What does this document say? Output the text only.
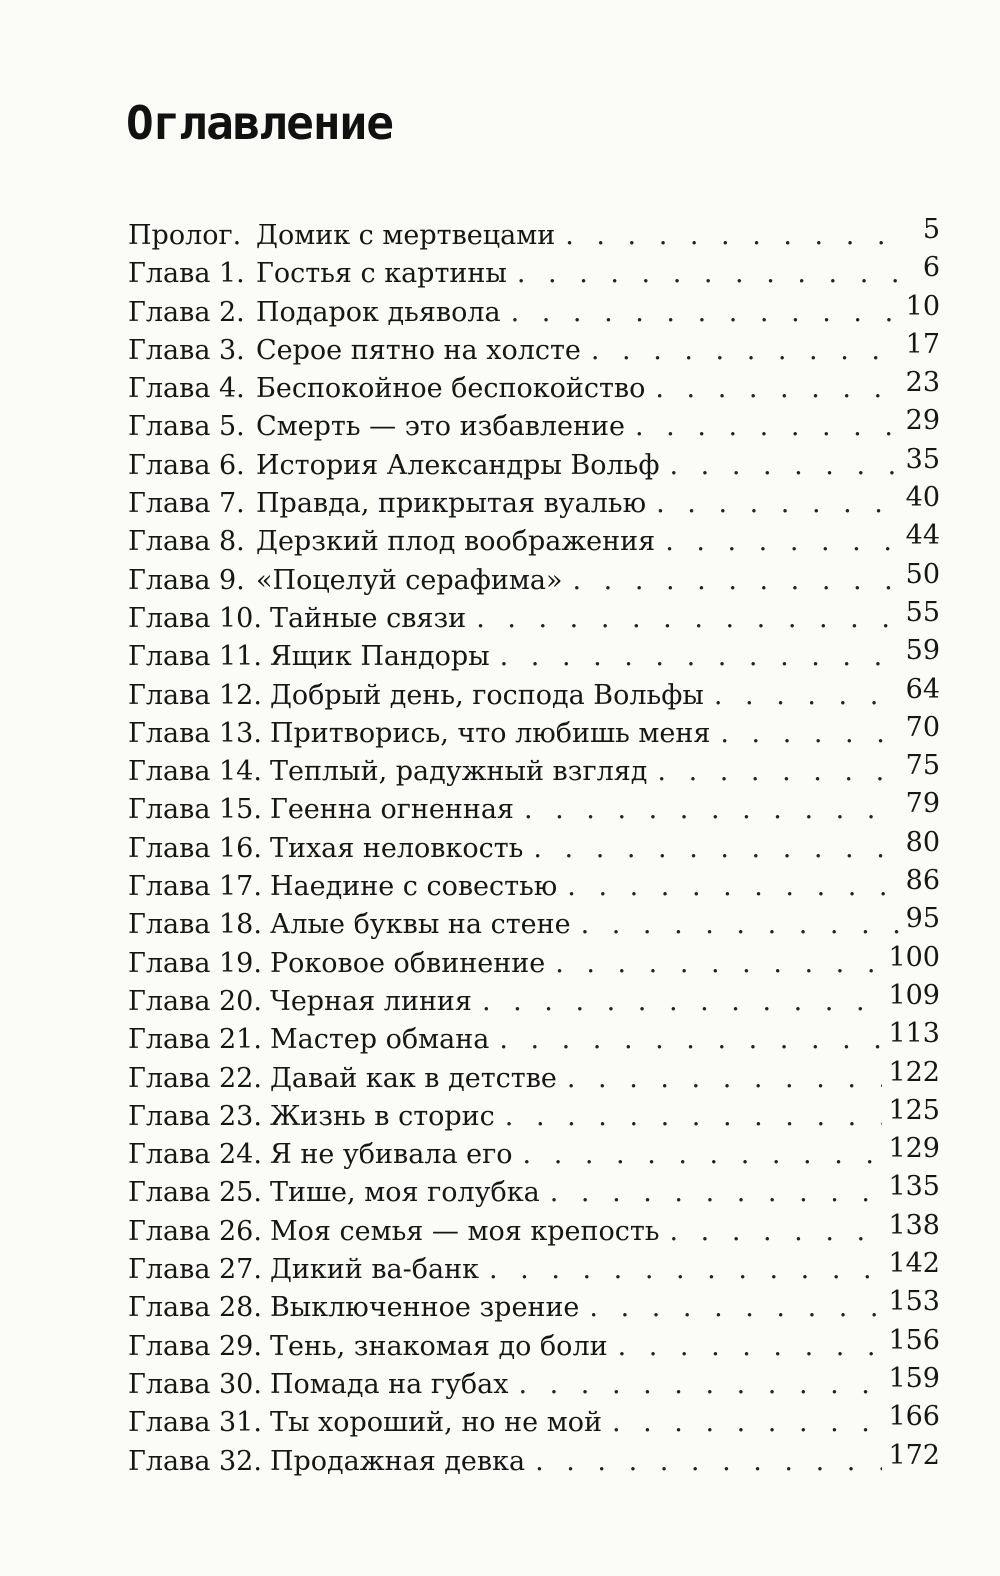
Оглавление
Пролог. Домик с мертвецами . . .	5
Глава 1. Гостья с картины . . .	6
Глава 2. Подарок дьявола . . .	10
Глава 3. Серое пятно на холсте . . .	17
Глава 4. Беспокойное беспокойство . . .	23
Глава 5. Смерть — это избавление . . .	29
Глава 6. История Александры Вольф . . .	35
Глава 7. Правда, прикрытая вуалью . . .	40
Глава 8. Дерзкий плод воображения . . .	44
Глава 9. «Поцелуй серафима» . . .	50
Глава 10. Тайные связи . . .	55
Глава 11. Ящик Пандоры . . .	59
Глава 12. Добрый день, господа Вольфы . . .	64
Глава 13. Притворись, что любишь меня . . .	70
Глава 14. Теплый, радужный взгляд . . .	75
Глава 15. Геенна огненная . . .	79
Глава 16. Тихая неловкость . . .	80
Глава 17. Наедине с совестью . . .	86
Глава 18. Алые буквы на стене . . .	95
Глава 19. Роковое обвинение . . .	100
Глава 20. Черная линия . . .	109
Глава 21. Мастер обмана . . .	113
Глава 22. Давай как в детстве . . .	122
Глава 23. Жизнь в сторис . . .	125
Глава 24. Я не убивала его . . .	129
Глава 25. Тише, моя голубка . . .	135
Глава 26. Моя семья — моя крепость . . .	138
Глава 27. Дикий ва-банк . . .	142
Глава 28. Выключенное зрение . . .	153
Глава 29. Тень, знакомая до боли . . .	156
Глава 30. Помада на губах . . .	159
Глава 31. Ты хороший, но не мой . . .	166
Глава 32. Продажная девка . . .	172
